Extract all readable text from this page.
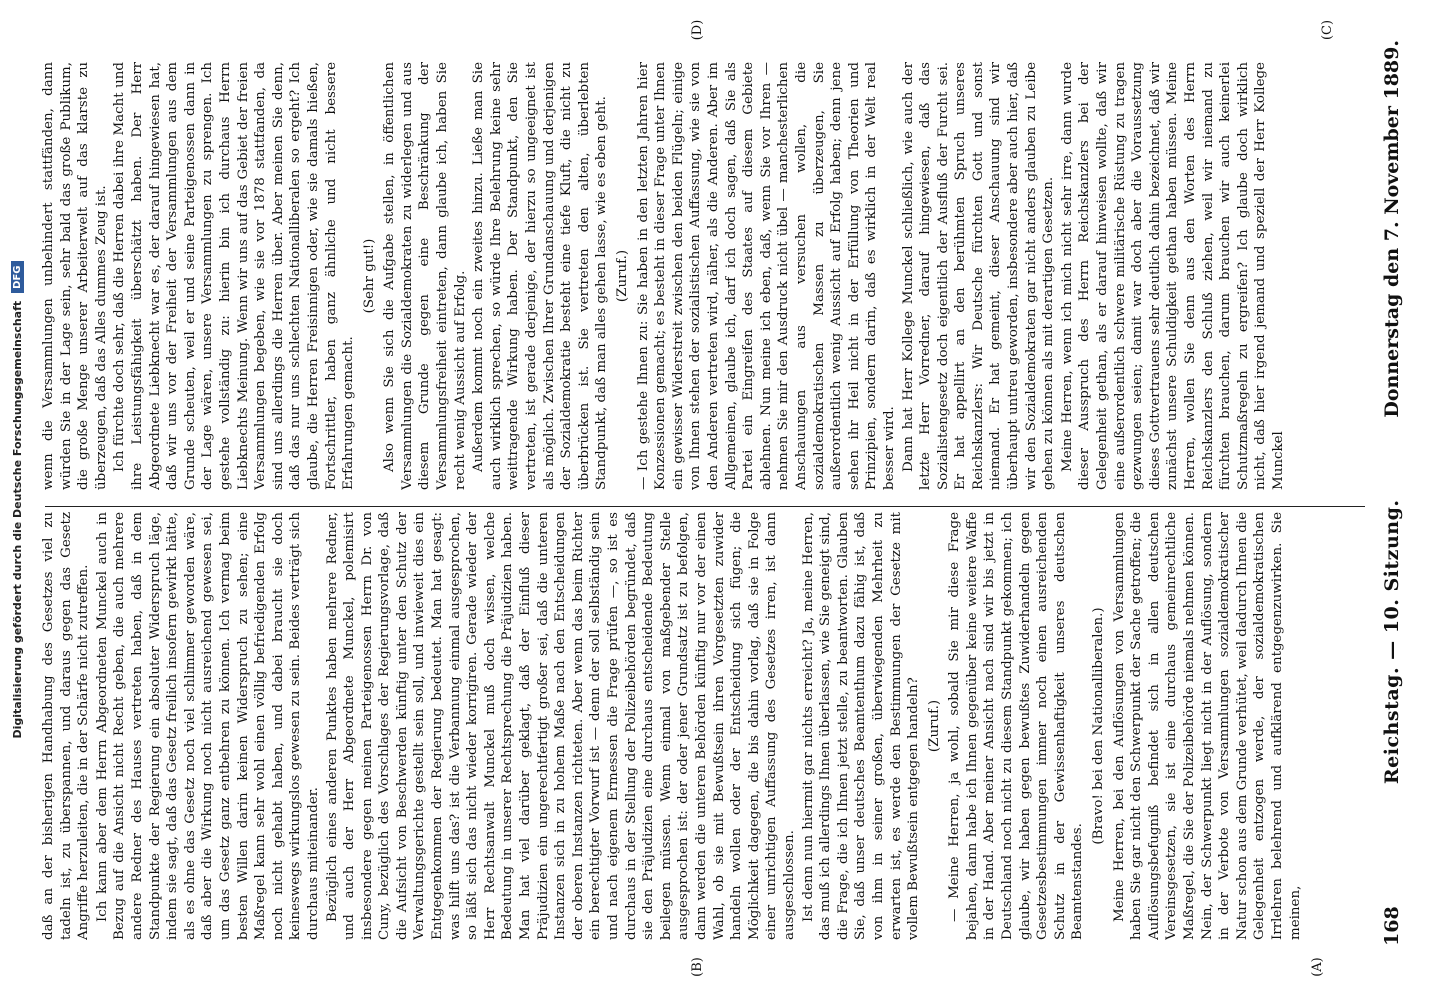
Digitalisierung gefördert durch die Deutsche Forschungsgemeinschaft
DFG
168
Reichstag. — 10. Sitzung.
Donnerstag den 7. November 1889.

daß an der bisherigen Handhabung des Gesetzes viel zu tadeln ist, zu überspannen, und daraus gegen das Gesetz Angriffe herzuleiten, die in der Schärfe nicht zutreffen. Ich kann aber dem Herrn Abgeordneten Munckel auch in Bezug auf die Ansicht nicht Recht geben, die auch mehrere andere Redner des Hauses vertreten haben, daß in dem Standpunkte der Regierung ein absoluter Widerspruch läge, indem sie sagt, daß das Gesetz freilich insofern gewirkt hätte, als es ohne das Gesetz noch viel schlimmer geworden wäre, daß aber die Wirkung noch nicht ausreichend gewesen sei, um das Gesetz ganz entbehren zu können. Ich vermag beim besten Willen darin keinen Widerspruch zu sehen; eine Maßregel kann sehr wohl einen völlig befriedigenden Erfolg noch nicht gehabt haben, und dabei braucht sie doch keineswegs wirkungslos gewesen zu sein. Beides verträgt sich durchaus miteinander. Bezüglich eines anderen Punktes haben mehrere Redner, und auch der Herr Abgeordnete Munckel, polemisirt insbesondere gegen meinen Parteigenossen Herrn Dr. von Cuny, bezüglich des Vorschlages der Regierungsvorlage, daß die Aufsicht von Beschwerden künftig unter den Schutz der Verwaltungsgerichte gestellt sein soll, und inwieweit dies ein Entgegenkommen der Regierung bedeutet. Man hat gesagt: was hilft uns das? ist die Verbannung einmal ausgesprochen, so läßt sich das nicht wieder korrigiren. Gerade wieder der Herr Rechtsanwalt Munckel muß doch wissen, welche Bedeutung in unserer Rechtsprechung die Präjudizien haben. Man hat viel darüber geklagt, daß der Einfluß dieser Präjudizien ein ungerechtfertigt großer sei, daß die unteren Instanzen sich in zu hohem Maße nach den Entscheidungen der oberen Instanzen richteten. Aber wenn das beim Richter ein berechtigter Vorwurf ist — denn der soll selbständig sein und nach eigenem Ermessen die Frage prüfen —, so ist es durchaus in der Stellung der Polizeibehörden begründet, daß sie den Präjudizien eine durchaus entscheidende Bedeutung beilegen müssen. Wenn einmal von maßgebender Stelle ausgesprochen ist: der oder jener Grundsatz ist zu befolgen, dann werden die unteren Behörden künftig nur vor der einen Wahl, ob sie mit Bewußtsein ihren Vorgesetzten zuwider handeln wollen oder der Entscheidung sich fügen; die Möglichkeit dagegen, die bis dahin vorlag, daß sie in Folge einer unrichtigen Auffassung des Gesetzes irren, ist dann ausgeschlossen. Ist denn nun hiermit gar nichts erreicht? Ja, meine Herren, das muß ich allerdings Ihnen überlassen, wie Sie geneigt sind, die Frage, die ich Ihnen jetzt stelle, zu beantworten. Glauben Sie, daß unser deutsches Beamtenthum dazu fähig ist, daß von ihm in seiner großen, überwiegenden Mehrheit zu erwarten ist, es werde den Bestimmungen der Gesetze mit vollem Bewußtsein entgegen handeln? (Zuruf.) — Meine Herren, ja wohl, sobald Sie mir diese Frage bejahen, dann habe ich Ihnen gegenüber keine weitere Waffe in der Hand. Aber meiner Ansicht nach sind wir bis jetzt in Deutschland noch nicht zu diesem Standpunkt gekommen; ich glaube, wir haben gegen bewußtes Zuwiderhandeln gegen Gesetzesbestimmungen immer noch einen ausreichenden Schutz in der Gewissenhaftigkeit unseres deutschen Beamtenstandes.

(Bravo! bei den Nationalliberalen.) Meine Herren, bei den Auflösungen von Versammlungen haben Sie gar nicht den Schwerpunkt der Sache getroffen; die Auflösungsbefugniß befindet sich in allen deutschen Vereinsgesetzen, sie ist eine durchaus gemeinrechtliche Maßregel, die Sie der Polizeibehörde niemals nehmen können. Nein, der Schwerpunkt liegt nicht in der Auflösung, sondern in der Verbote von Versammlungen sozialdemokratischer Natur schon aus dem Grunde verhütet, weil dadurch Ihnen die Gelegenheit entzogen werde, der sozialdemokratischen Irrlehren belehrend und aufklärend entgegenzuwirken. Sie meinen,

wenn die Versammlungen unbehindert stattfänden, dann würden Sie in der Lage sein, sehr bald das große Publikum, die große Menge unserer Arbeiterwelt auf das klarste zu überzeugen, daß das Alles dummes Zeug ist. Ich fürchte doch sehr, daß die Herren dabei ihre Macht und ihre Leistungsfähigkeit überschätzt haben. Der Herr Abgeordnete Liebknecht war es, der darauf hingewiesen hat, daß wir uns vor der Freiheit der Versammlungen aus dem Grunde scheuten, weil er und seine Parteigenossen dann in der Lage wären, unsere Versammlungen zu sprengen. Ich gestehe vollständig zu: hierin bin ich durchaus Herrn Liebknechts Meinung. Wenn wir uns auf das Gebiet der freien Versammlungen begeben, wie sie vor 1878 stattfanden, da sind uns allerdings die Herren über. Aber meinen Sie denn, daß das nur uns schlechten Nationalliberalen so ergeht? Ich glaube, die Herren Freisinnigen oder, wie sie damals hießen, Fortschrittler, haben ganz ähnliche und nicht bessere Erfahrungen gemacht.

(Sehr gut!) Also wenn Sie sich die Aufgabe stellen, in öffentlichen Versammlungen die Sozialdemokraten zu widerlegen und aus diesem Grunde gegen eine Beschränkung der Versammlungsfreiheit eintreten, dann glaube ich, haben Sie recht wenig Aussicht auf Erfolg. Außerdem kommt noch ein zweites hinzu. Ließe man Sie auch wirklich sprechen, so würde Ihre Belehrung keine sehr weittragende Wirkung haben. Der Standpunkt, den Sie vertreten, ist gerade derjenige, der hierzu so ungeeignet ist als möglich. Zwischen Ihrer Grundanschauung und derjenigen der Sozialdemokratie besteht eine tiefe Kluft, die nicht zu überbrücken ist. Sie vertreten den alten, überlebten Standpunkt, daß man alles gehen lasse, wie es eben geht. (Zuruf.) — Ich gestehe Ihnen zu: Sie haben in den letzten Jahren hier Konzessionen gemacht; es besteht in dieser Frage unter Ihnen ein gewisser Widerstreit zwischen den beiden Flügeln; einige von Ihnen stehen der sozialistischen Auffassung, wie sie von den Anderen vertreten wird, näher, als die Anderen. Aber im Allgemeinen, glaube ich, darf ich doch sagen, daß Sie als Partei ein Eingreifen des Staates auf diesem Gebiete ablehnen. Nun meine ich eben, daß, wenn Sie vor Ihren — nehmen Sie mir den Ausdruck nicht übel — manchesterlichen Anschauungen aus versuchen wollen, die sozialdemokratischen Massen zu überzeugen, Sie außerordentlich wenig Aussicht auf Erfolg haben; denn jene sehen ihr Heil nicht in der Erfüllung von Theorien und Prinzipien, sondern darin, daß es wirklich in der Welt real besser wird. Dann hat Herr Kollege Munckel schließlich, wie auch der letzte Herr Vorredner, darauf hingewiesen, daß das Sozialistengesetz doch eigentlich der Ausfluß der Furcht sei. Er hat appellirt an den berühmten Spruch unseres Reichskanzlers: Wir Deutsche fürchten Gott und sonst niemand. Er hat gemeint, dieser Anschauung sind wir überhaupt untreu geworden, insbesondere aber auch hier, daß wir den Sozialdemokraten gar nicht anders glauben zu Leibe gehen zu können als mit derartigen Gesetzen. Meine Herren, wenn ich mich nicht sehr irre, dann wurde dieser Ausspruch des Herrn Reichskanzlers bei der Gelegenheit gethan, als er darauf hinweisen wollte, daß wir eine außerordentlich schwere militärische Rüstung zu tragen gezwungen seien; damit war doch aber die Voraussetzung dieses Gottvertrauens sehr deutlich dahin bezeichnet, daß wir zunächst unsere Schuldigkeit gethan haben müssen. Meine Herren, wollen Sie denn aus den Worten des Herrn Reichskanzlers den Schluß ziehen, weil wir niemand zu fürchten brauchen, darum brauchen wir auch keinerlei Schutzmaßregeln zu ergreifen? Ich glaube doch wirklich nicht, daß hier irgend jemand und speziell der Herr Kollege Munckel

(A)
(B)
(C)
(D)
